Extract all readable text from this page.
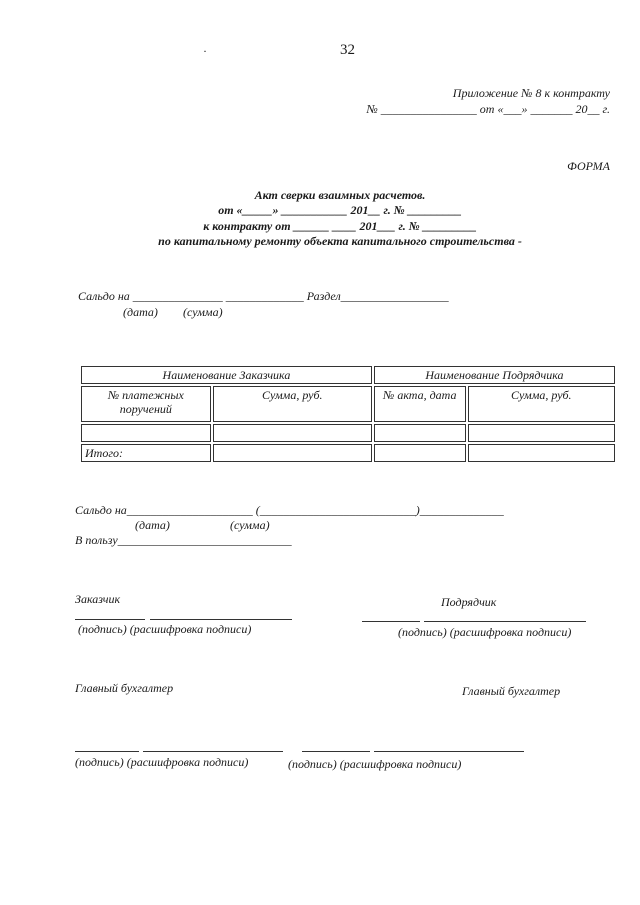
32
·
Приложение № 8 к контракту
№ ________________ от «___» _______ 20__ г.
ФОРМА
Акт сверки взаимных расчетов.
от «_____» ___________ 201__ г. № _________
к контракту от ______ ____ 201___ г. № _________
по капитальному ремонту объекта капитального строительства -
Сальдо на _______________ _____________ Раздел__________________
(дата) (сумма)
Наименование Заказчика		Наименование Подрядчика	
№ платежных поручений	Сумма, руб.	№ акта, дата	Сумма, руб.

Итого:			
Сальдо на_____________________ (__________________________)______________
(дата)	(сумма)
В пользу_____________________________
Заказчик
(подпись) (расшифровка подписи)
Подрядчик
(подпись) (расшифровка подписи)
Главный бухгалтер	Главный бухгалтер
(подпись) (расшифровка подписи)	(подпись) (расшифровка подписи)
